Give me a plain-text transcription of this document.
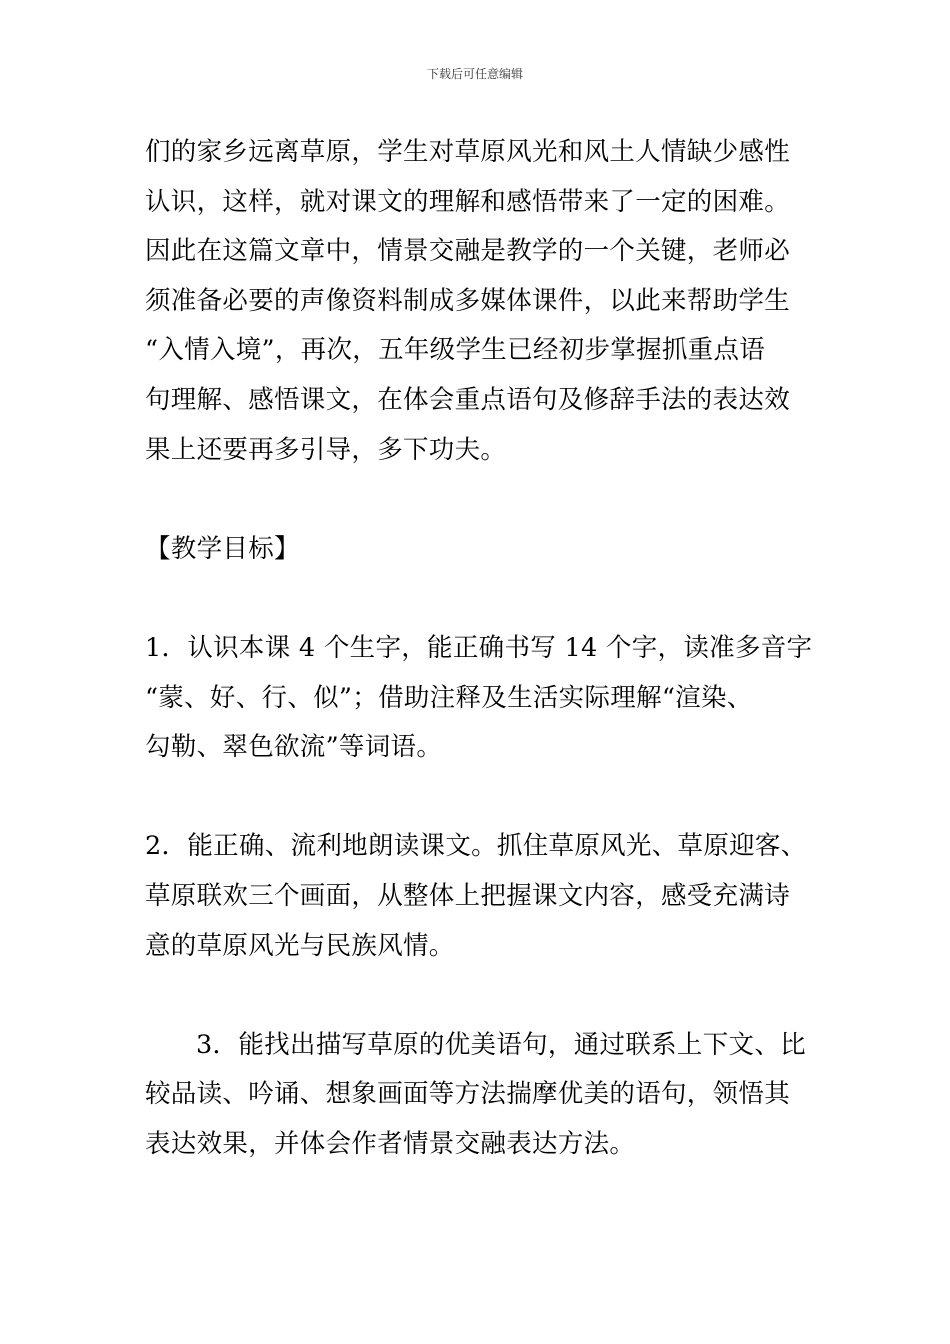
下载后可任意编辑
们的家乡远离草原，学生对草原风光和风土人情缺少感性
认识，这样，就对课文的理解和感悟带来了一定的困难。
因此在这篇文章中，情景交融是教学的一个关键，老师必
须准备必要的声像资料制成多媒体课件，以此来帮助学生
“入情入境”，再次，五年级学生已经初步掌握抓重点语
句理解、感悟课文，在体会重点语句及修辞手法的表达效
果上还要再多引导，多下功夫。
【教学目标】
1．认识本课 4 个生字，能正确书写 14 个字，读准多音字
“蒙、好、行、似”；借助注释及生活实际理解“渲染、
勾勒、翠色欲流”等词语。
2．能正确、流利地朗读课文。抓住草原风光、草原迎客、
草原联欢三个画面，从整体上把握课文内容，感受充满诗
意的草原风光与民族风情。
3．能找出描写草原的优美语句，通过联系上下文、比
较品读、吟诵、想象画面等方法揣摩优美的语句，领悟其
表达效果，并体会作者情景交融表达方法。
